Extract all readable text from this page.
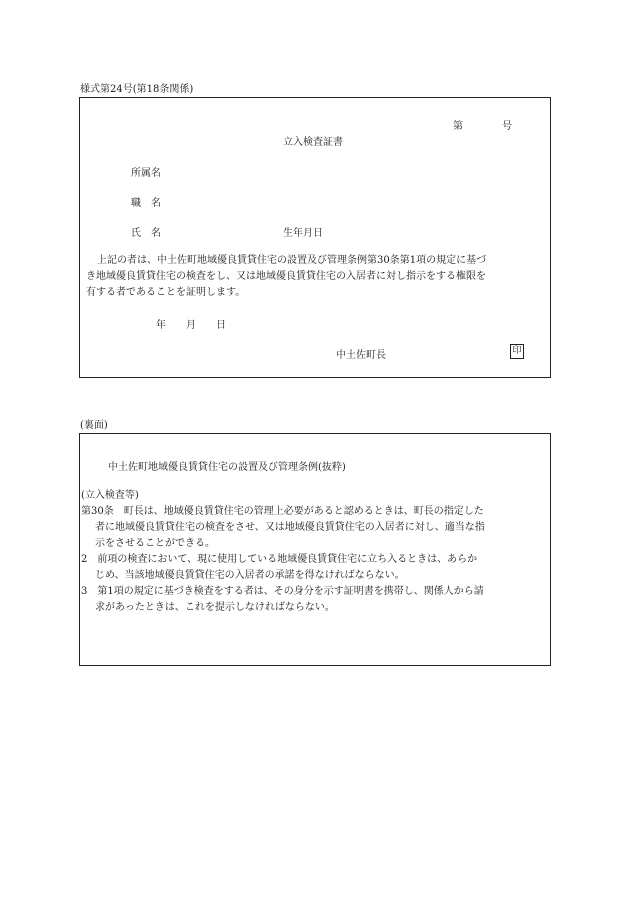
様式第24号(第18条関係)
第	号
立入検査証書
所属名
職　名
氏　名	生年月日
上記の者は、中土佐町地域優良賃貸住宅の設置及び管理条例第30条第1項の規定に基づ
き地域優良賃貸住宅の検査をし、又は地域優良賃貸住宅の入居者に対し指示をする権限を
有する者であることを証明します。
年　　月　　日
中土佐町長	印
(裏面)
中土佐町地域優良賃貸住宅の設置及び管理条例(抜粋)
(立入検査等)
第30条　町長は、地域優良賃貸住宅の管理上必要があると認めるときは、町長の指定した
者に地域優良賃貸住宅の検査をさせ、又は地域優良賃貸住宅の入居者に対し、適当な指
示をさせることができる。
2　前項の検査において、現に使用している地域優良賃貸住宅に立ち入るときは、あらか
じめ、当該地域優良賃貸住宅の入居者の承諾を得なければならない。
3　第1項の規定に基づき検査をする者は、その身分を示す証明書を携帯し、関係人から請
求があったときは、これを提示しなければならない。
